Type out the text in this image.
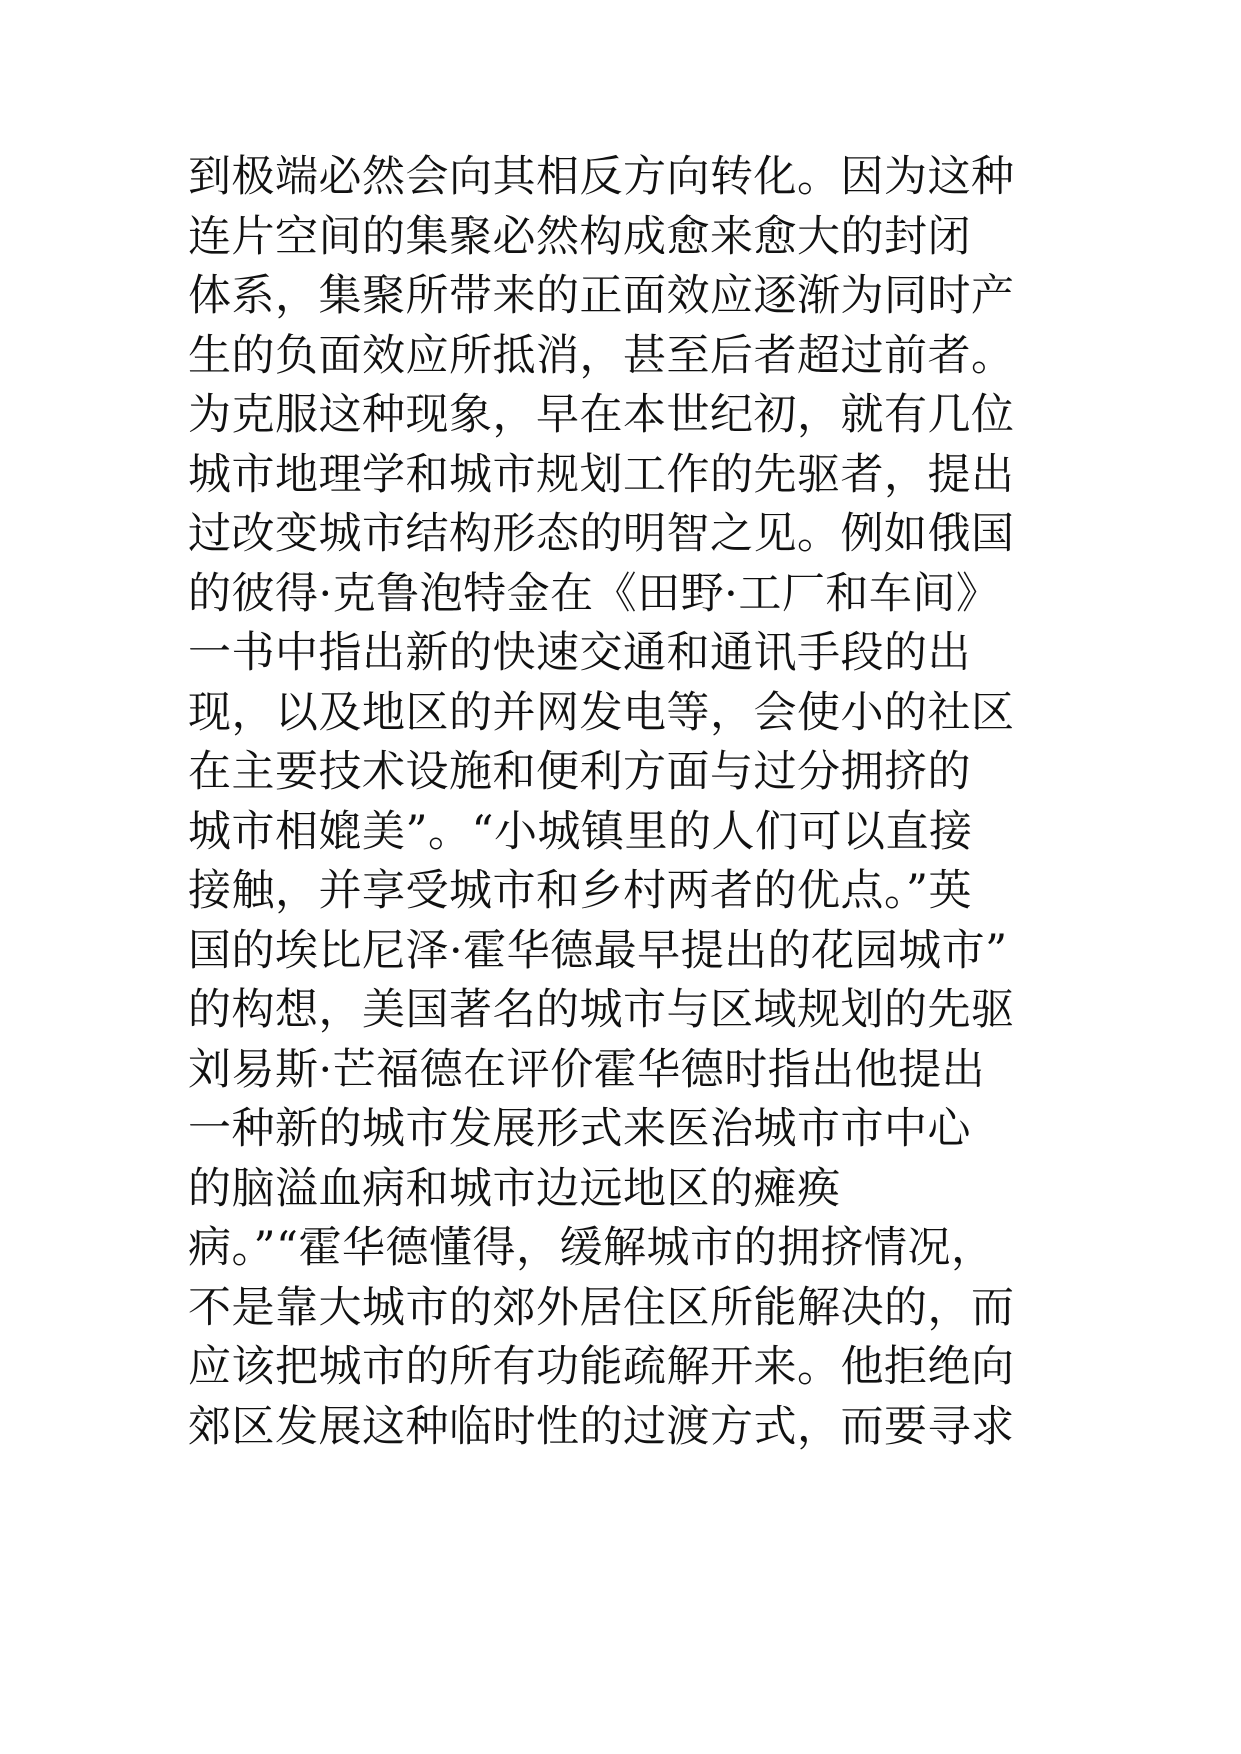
到极端必然会向其相反方向转化。因为这种
连片空间的集聚必然构成愈来愈大的封闭
体系，集聚所带来的正面效应逐渐为同时产
生的负面效应所抵消，甚至后者超过前者。
为克服这种现象，早在本世纪初，就有几位
城市地理学和城市规划工作的先驱者，提出
过改变城市结构形态的明智之见。例如俄国
的彼得·克鲁泡特金在《田野·工厂和车间》
一书中指出新的快速交通和通讯手段的出
现，以及地区的并网发电等，会使小的社区
在主要技术设施和便利方面与过分拥挤的
城市相媲美”。“小城镇里的人们可以直接
接触，并享受城市和乡村两者的优点。”英
国的埃比尼泽·霍华德最早提出的花园城市”
的构想，美国著名的城市与区域规划的先驱
刘易斯·芒福德在评价霍华德时指出他提出
一种新的城市发展形式来医治城市市中心
的脑溢血病和城市边远地区的瘫痪
病。”“霍华德懂得，缓解城市的拥挤情况，
不是靠大城市的郊外居住区所能解决的，而
应该把城市的所有功能疏解开来。他拒绝向
郊区发展这种临时性的过渡方式，而要寻求
